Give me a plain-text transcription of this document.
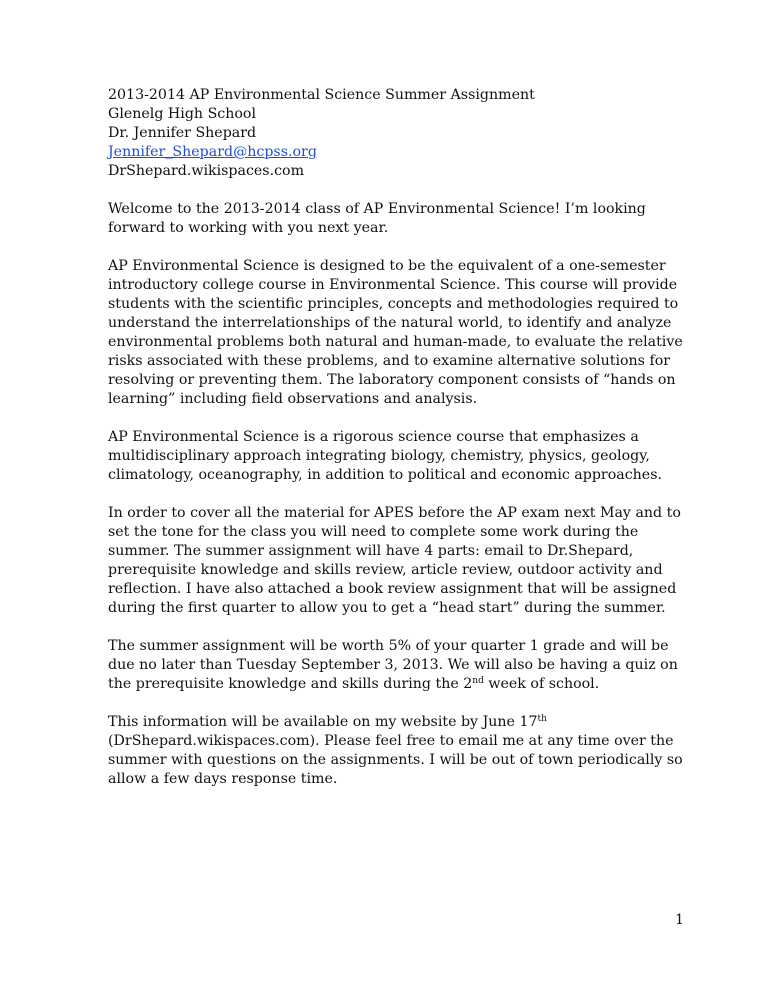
2013-2014 AP Environmental Science Summer Assignment
Glenelg High School
Dr. Jennifer Shepard
Jennifer_Shepard@hcpss.org
DrShepard.wikispaces.com

Welcome to the 2013-2014 class of AP Environmental Science! I’m looking forward to working with you next year.

AP Environmental Science is designed to be the equivalent of a one-semester introductory college course in Environmental Science. This course will provide students with the scientific principles, concepts and methodologies required to understand the interrelationships of the natural world, to identify and analyze environmental problems both natural and human-made, to evaluate the relative risks associated with these problems, and to examine alternative solutions for resolving or preventing them. The laboratory component consists of “hands on learning” including field observations and analysis.

AP Environmental Science is a rigorous science course that emphasizes a multidisciplinary approach integrating biology, chemistry, physics, geology, climatology, oceanography, in addition to political and economic approaches.

In order to cover all the material for APES before the AP exam next May and to set the tone for the class you will need to complete some work during the summer. The summer assignment will have 4 parts: email to Dr.Shepard, prerequisite knowledge and skills review, article review, outdoor activity and reflection. I have also attached a book review assignment that will be assigned during the first quarter to allow you to get a “head start” during the summer.

The summer assignment will be worth 5% of your quarter 1 grade and will be due no later than Tuesday September 3, 2013. We will also be having a quiz on the prerequisite knowledge and skills during the 2nd week of school.

This information will be available on my website by June 17th (DrShepard.wikispaces.com). Please feel free to email me at any time over the summer with questions on the assignments. I will be out of town periodically so allow a few days response time.

1
